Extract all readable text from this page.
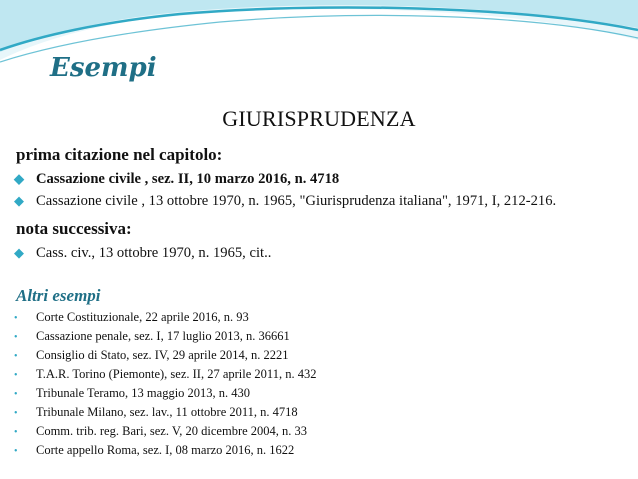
Esempi
GIURISPRUDENZA
prima citazione nel capitolo:
◆ Cassazione civile , sez. II, 10 marzo 2016, n. 4718
◆ Cassazione civile , 13 ottobre 1970, n. 1965, "Giurisprudenza italiana", 1971, I, 212-216.
nota successiva:
◆ Cass. civ., 13 ottobre 1970, n. 1965, cit..
Altri esempi
• Corte Costituzionale, 22 aprile 2016, n. 93
• Cassazione penale, sez. I, 17 luglio 2013, n. 36661
• Consiglio di Stato, sez. IV, 29 aprile 2014, n. 2221
• T.A.R. Torino (Piemonte), sez. II, 27 aprile 2011, n. 432
• Tribunale Teramo, 13 maggio 2013, n. 430
• Tribunale Milano, sez. lav., 11 ottobre 2011, n. 4718
• Comm. trib. reg. Bari, sez. V, 20 dicembre 2004, n. 33
• Corte appello Roma, sez. I, 08 marzo 2016, n. 1622
